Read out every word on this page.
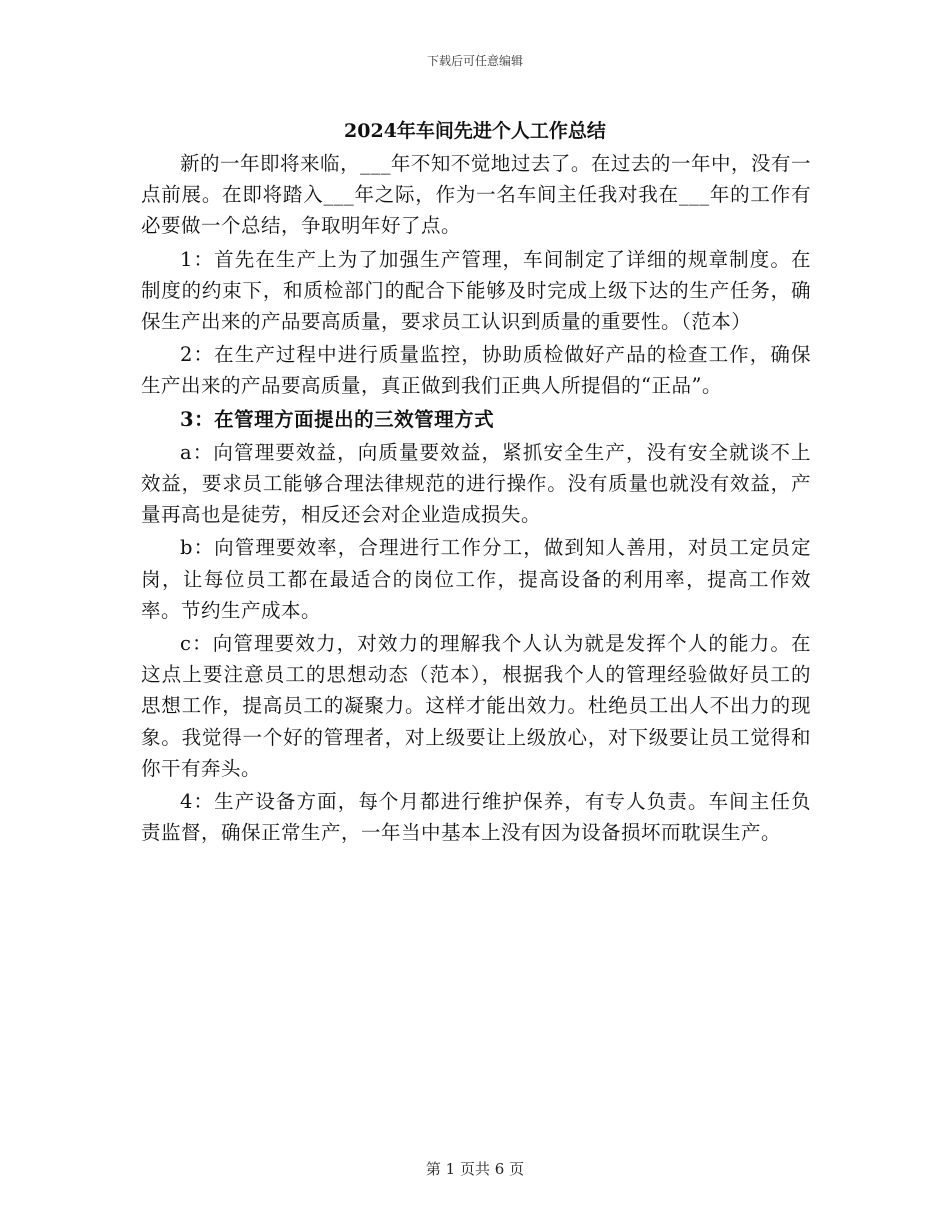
下载后可任意编辑
2024年车间先进个人工作总结

新的一年即将来临，___年不知不觉地过去了。在过去的一年中，没有一点前展。在即将踏入___年之际，作为一名车间主任我对我在___年的工作有必要做一个总结，争取明年好了点。

1：首先在生产上为了加强生产管理，车间制定了详细的规章制度。在制度的约束下，和质检部门的配合下能够及时完成上级下达的生产任务，确保生产出来的产品要高质量，要求员工认识到质量的重要性。（范本）

2：在生产过程中进行质量监控，协助质检做好产品的检查工作，确保生产出来的产品要高质量，真正做到我们正典人所提倡的“正品”。

3：在管理方面提出的三效管理方式

a：向管理要效益，向质量要效益，紧抓安全生产，没有安全就谈不上效益，要求员工能够合理法律规范的进行操作。没有质量也就没有效益，产量再高也是徒劳，相反还会对企业造成损失。

b：向管理要效率，合理进行工作分工，做到知人善用，对员工定员定岗，让每位员工都在最适合的岗位工作，提高设备的利用率，提高工作效率。节约生产成本。

c：向管理要效力，对效力的理解我个人认为就是发挥个人的能力。在这点上要注意员工的思想动态（范本），根据我个人的管理经验做好员工的思想工作，提高员工的凝聚力。这样才能出效力。杜绝员工出人不出力的现象。我觉得一个好的管理者，对上级要让上级放心，对下级要让员工觉得和你干有奔头。

4：生产设备方面，每个月都进行维护保养，有专人负责。车间主任负责监督，确保正常生产，一年当中基本上没有因为设备损坏而耽误生产。

第 1 页共 6 页
